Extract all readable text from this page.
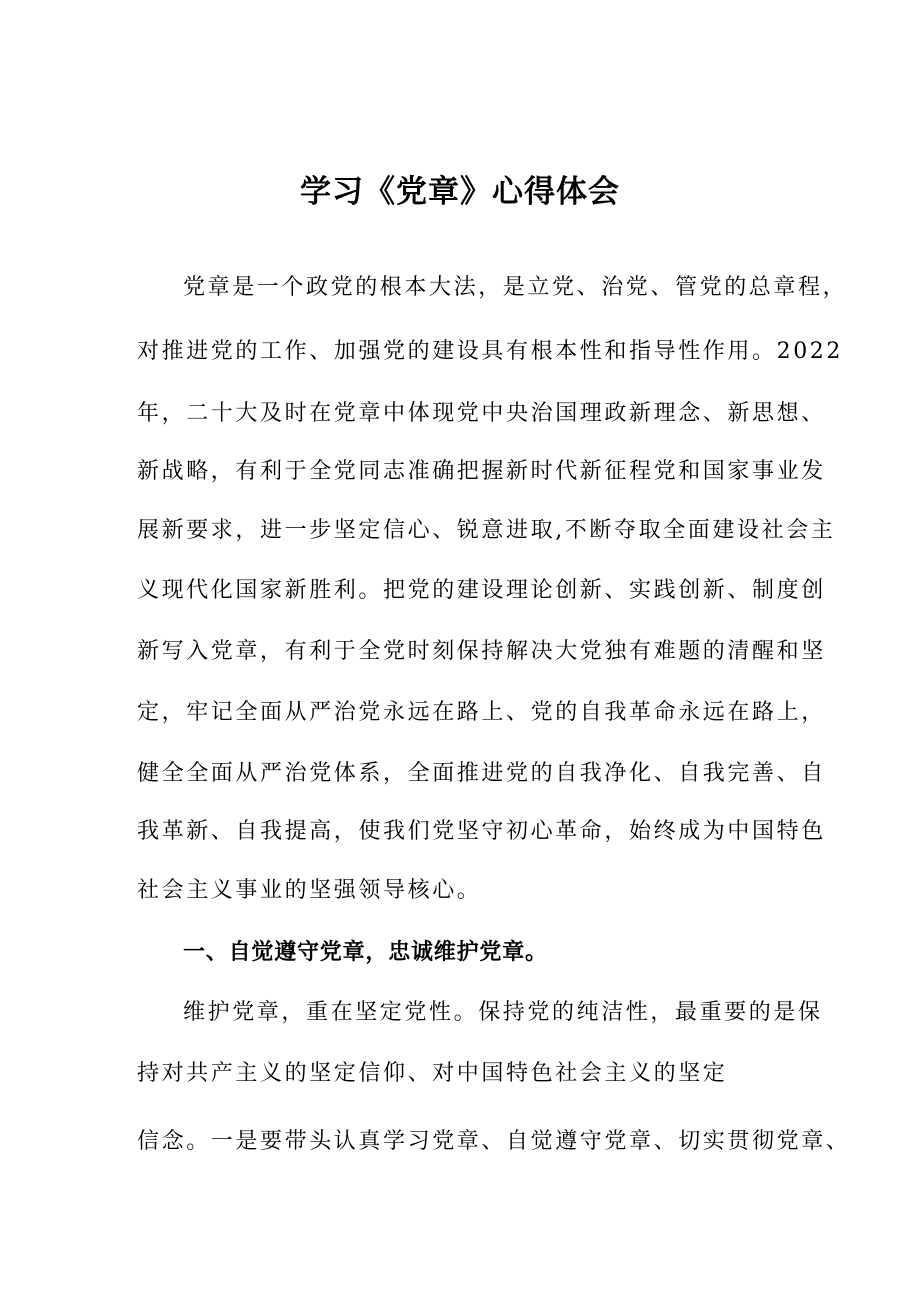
学习《党章》心得体会

党章是一个政党的根本大法，是立党、治党、管党的总章程，

对推进党的工作、加强党的建设具有根本性和指导性作用。2022

年，二十大及时在党章中体现党中央治国理政新理念、新思想、

新战略，有利于全党同志准确把握新时代新征程党和国家事业发

展新要求，进一步坚定信心、锐意进取,不断夺取全面建设社会主

义现代化国家新胜利。把党的建设理论创新、实践创新、制度创

新写入党章，有利于全党时刻保持解决大党独有难题的清醒和坚

定，牢记全面从严治党永远在路上、党的自我革命永远在路上，

健全全面从严治党体系，全面推进党的自我净化、自我完善、自

我革新、自我提高，使我们党坚守初心革命，始终成为中国特色

社会主义事业的坚强领导核心。

一、自觉遵守党章，忠诚维护党章。

维护党章，重在坚定党性。保持党的纯洁性，最重要的是保

持对共产主义的坚定信仰、对中国特色社会主义的坚定

信念。一是要带头认真学习党章、自觉遵守党章、切实贯彻党章、
